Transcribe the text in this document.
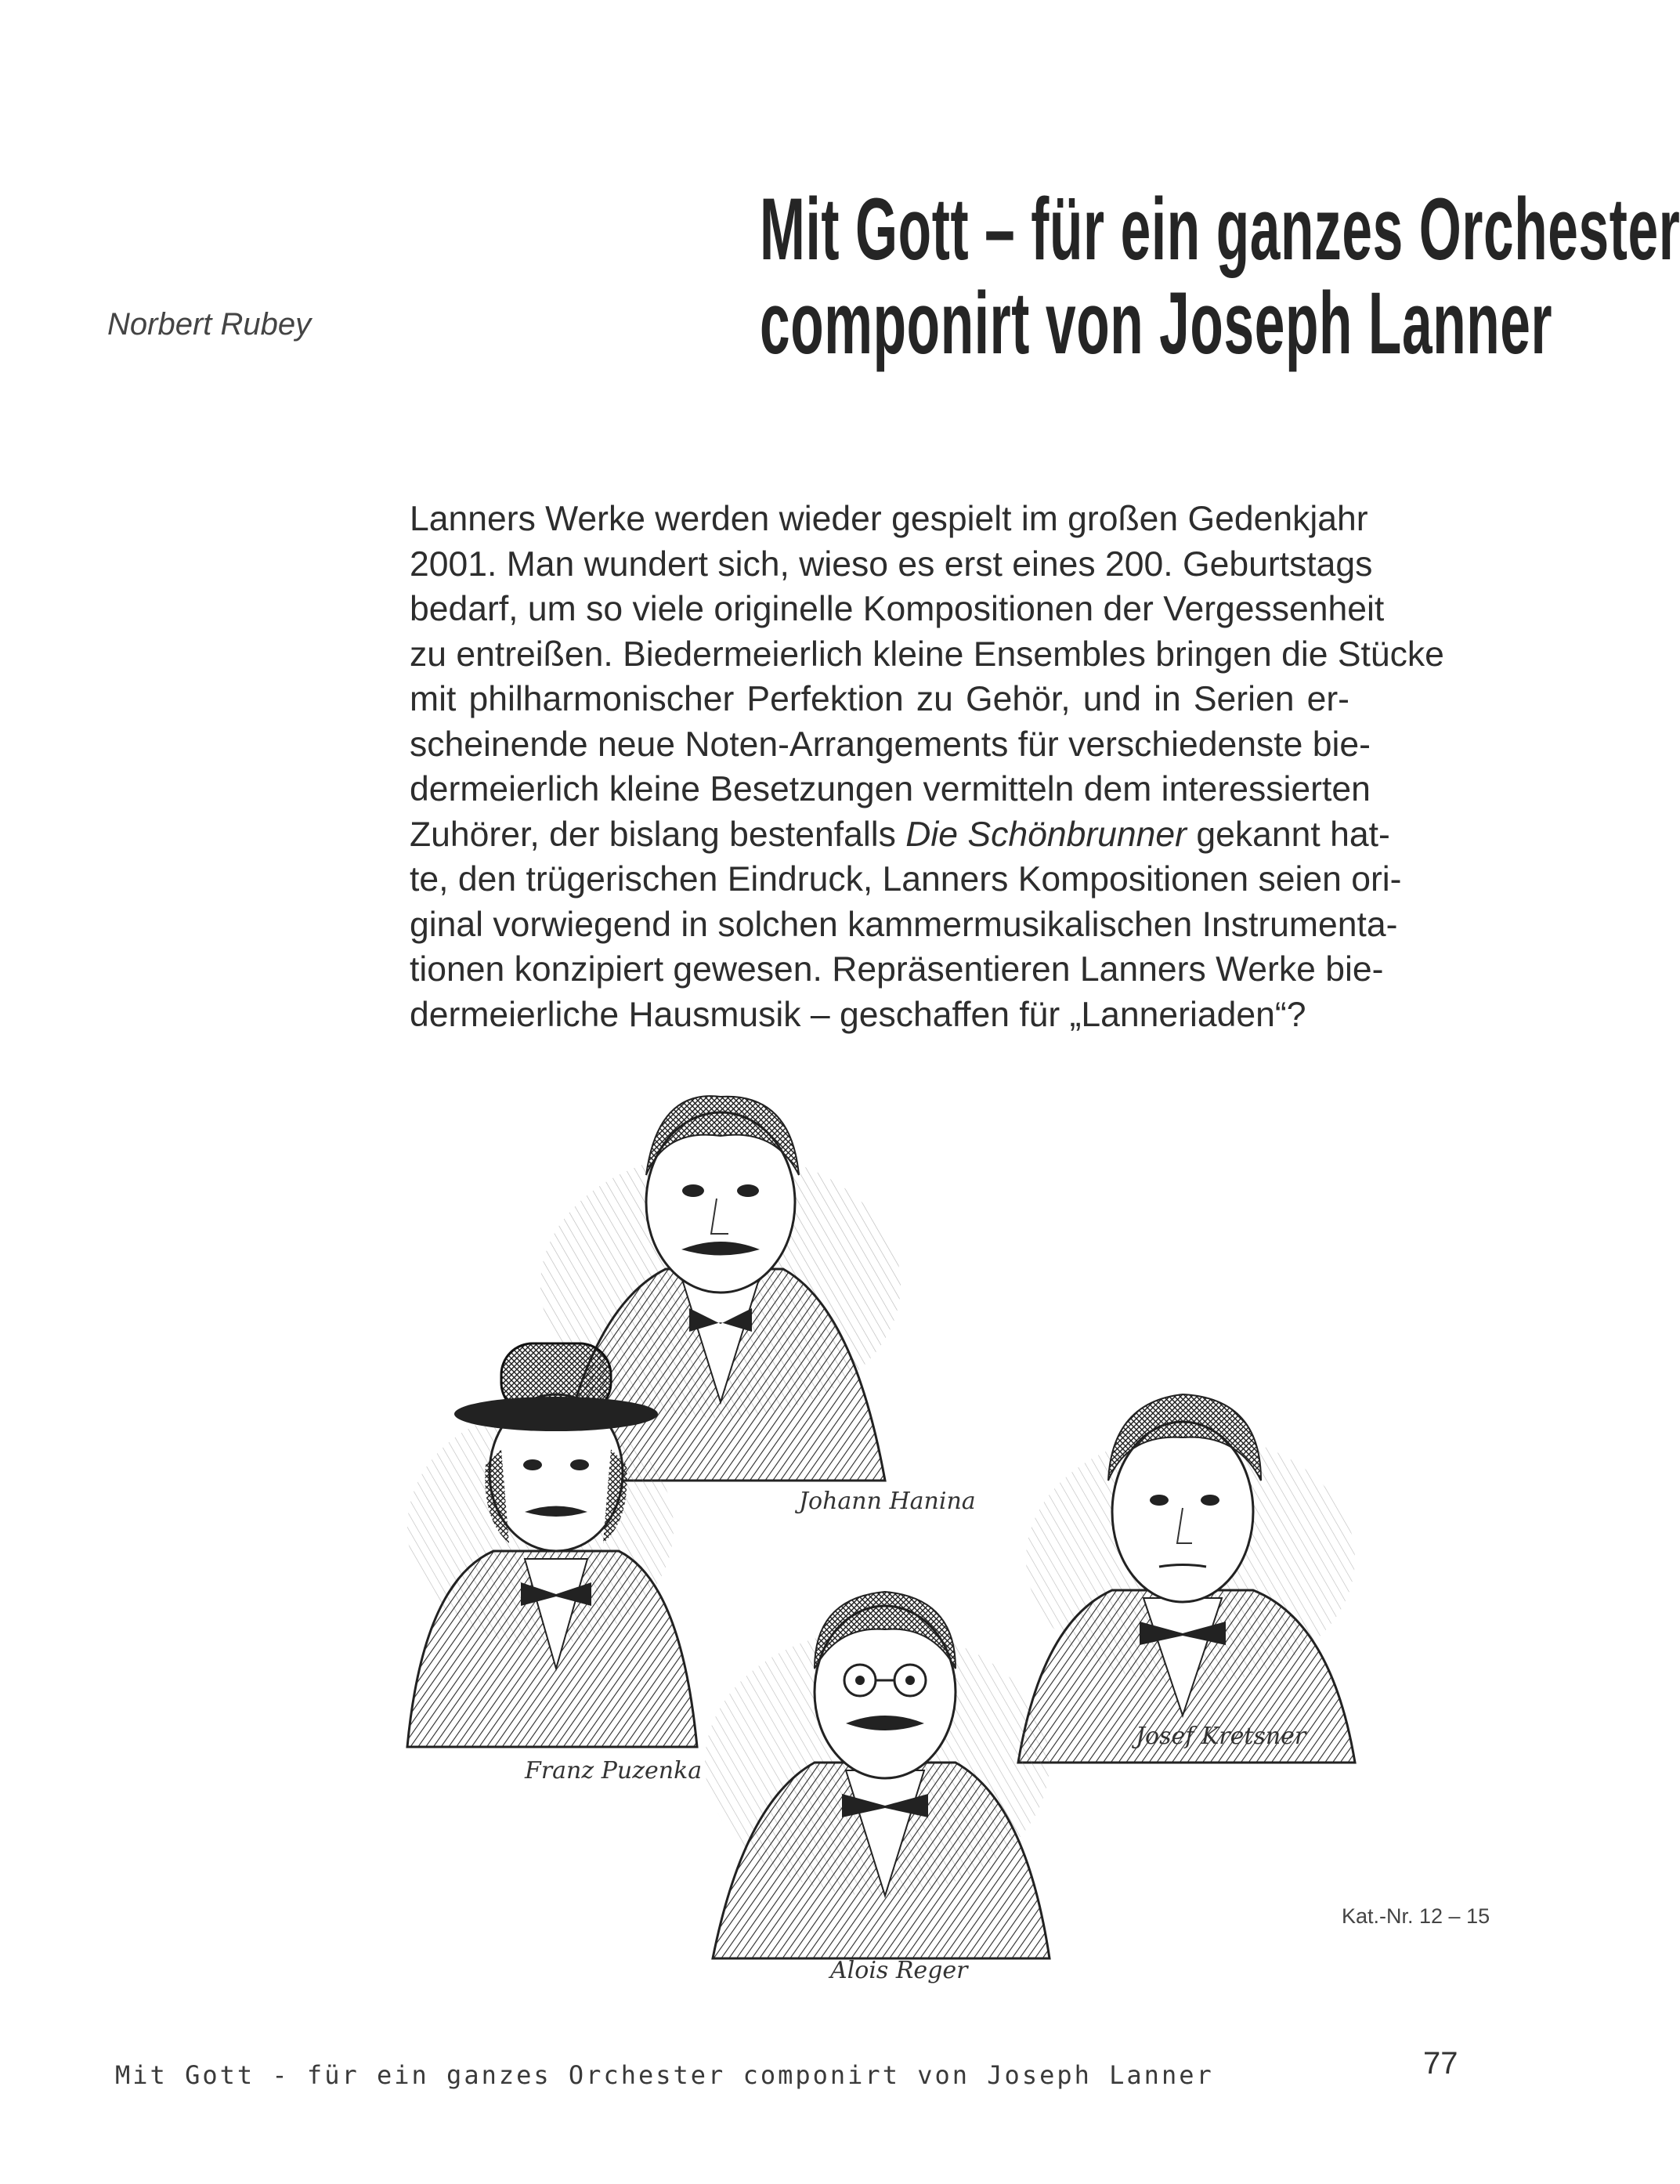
Mit Gott – für ein ganzes Orchester
componirt von Joseph Lanner
Norbert Rubey
Lanners Werke werden wieder gespielt im großen Gedenkjahr
2001. Man wundert sich, wieso es erst eines 200. Geburtstags
bedarf, um so viele originelle Kompositionen der Vergessenheit
zu entreißen. Biedermeierlich kleine Ensembles bringen die Stücke
mit philharmonischer Perfektion zu Gehör, und in Serien er-
scheinende neue Noten-Arrangements für verschiedenste bie-
dermeierlich kleine Besetzungen vermitteln dem interessierten
Zuhörer, der bislang bestenfalls Die Schönbrunner gekannt hat-
te, den trügerischen Eindruck, Lanners Kompositionen seien ori-
ginal vorwiegend in solchen kammermusikalischen Instrumenta-
tionen konzipiert gewesen. Repräsentieren Lanners Werke bie-
dermeierliche Hausmusik – geschaffen für „Lanneriaden“?
Johann Hanina
Franz Puzenka
Josef Kretsner
Alois Reger
Kat.-Nr. 12 – 15
Mit Gott - für ein ganzes Orchester componirt von Joseph Lanner	77
